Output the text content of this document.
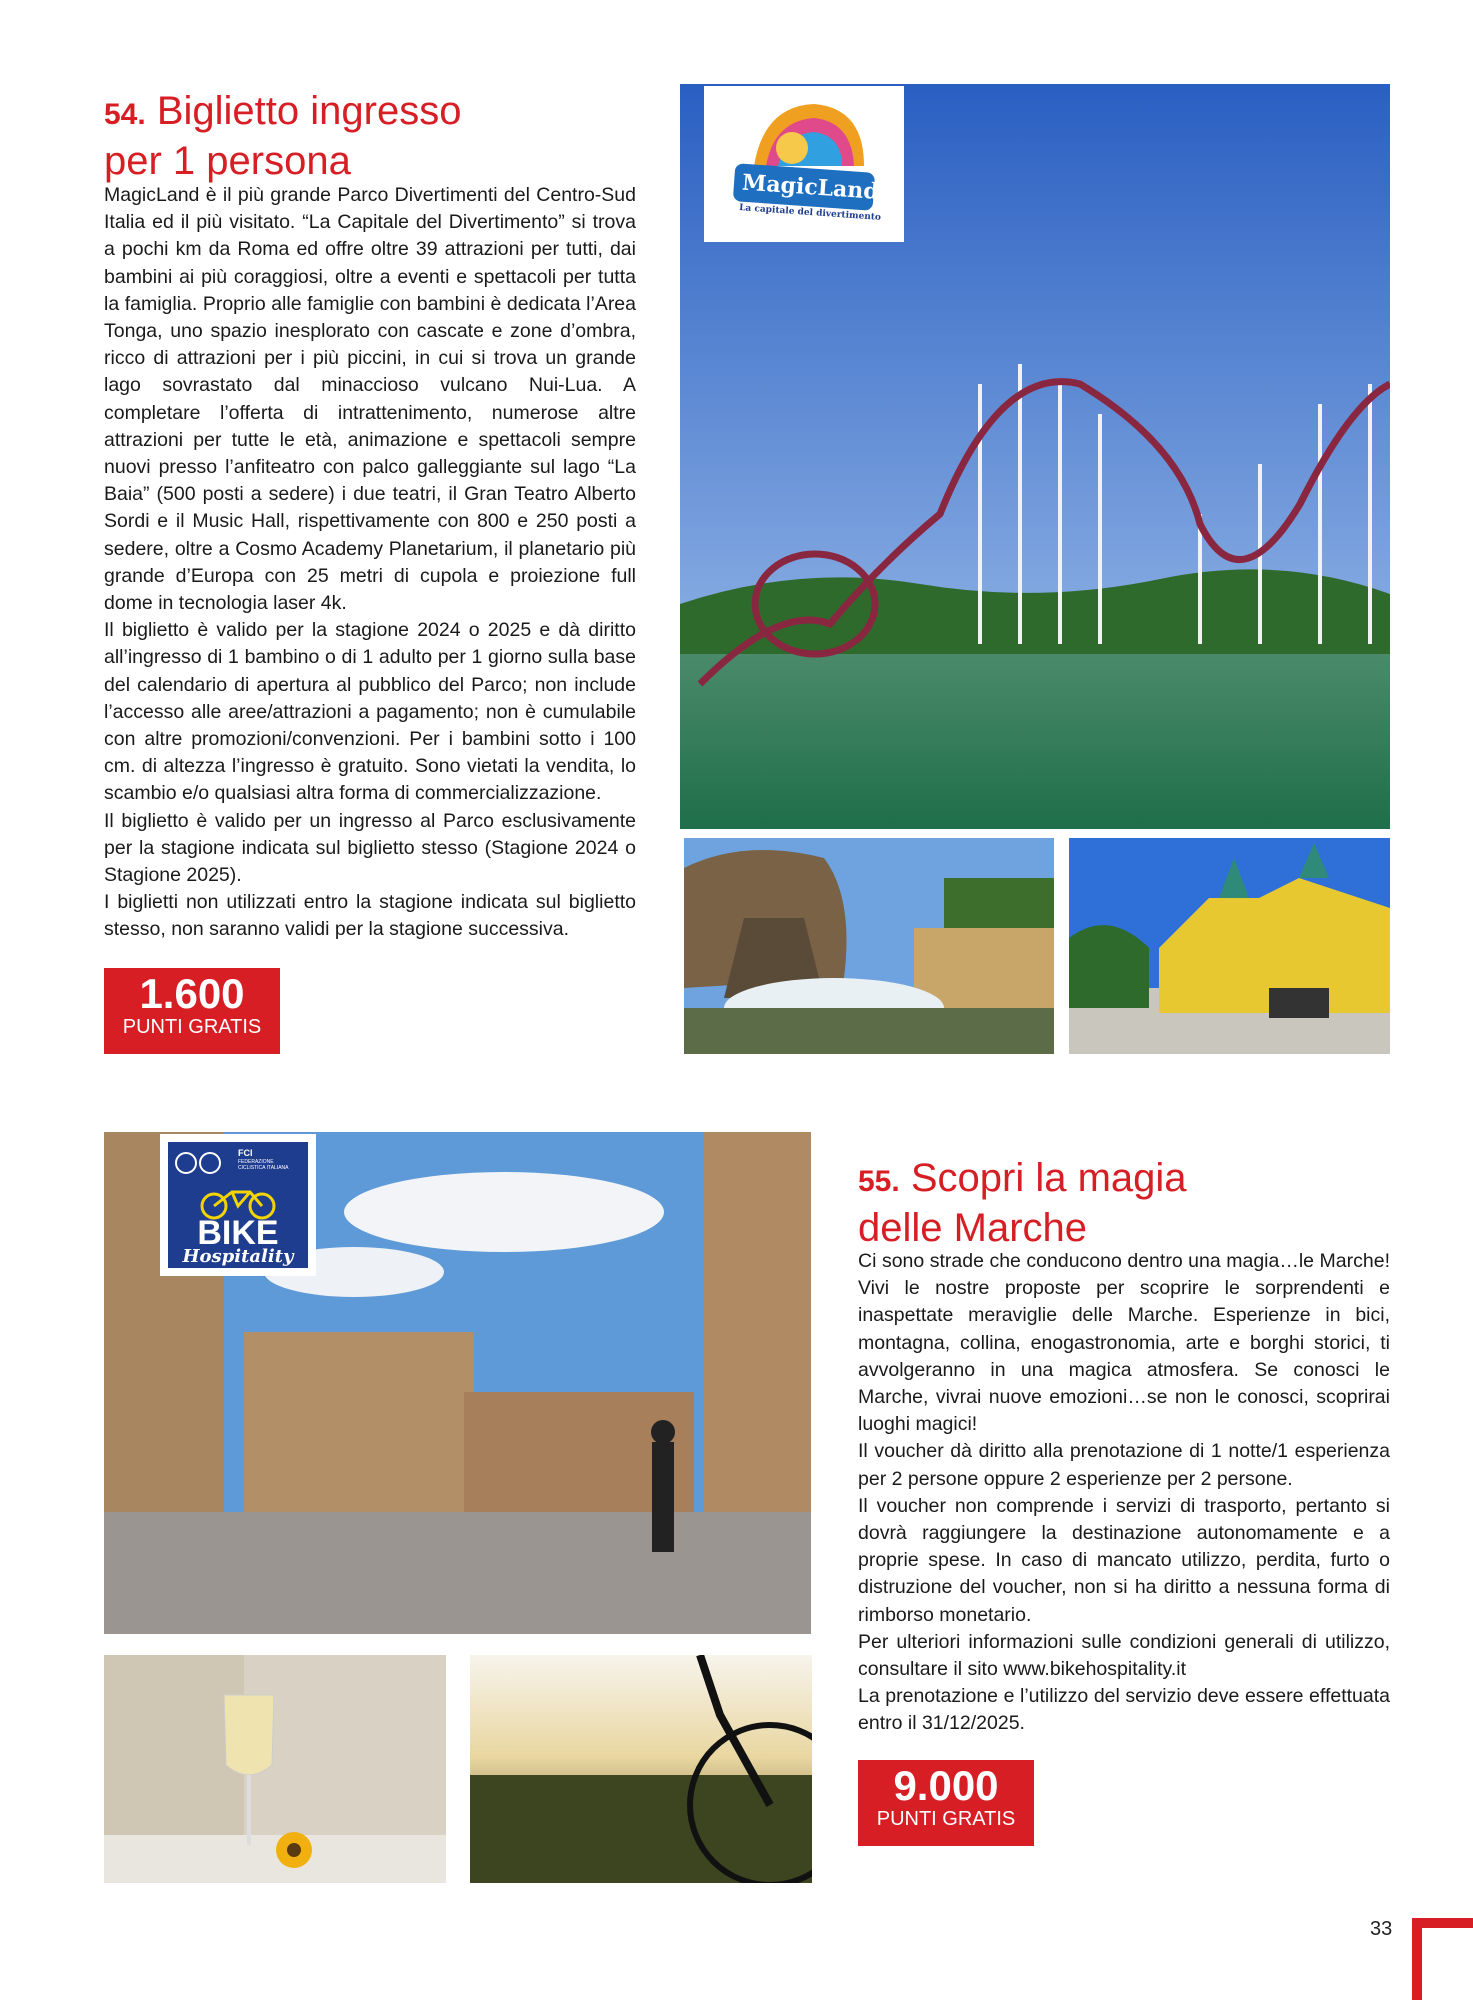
54. Biglietto ingresso
per 1 persona

MagicLand è il più grande Parco Divertimenti del Centro-Sud Italia ed il più visitato. “La Capitale del Divertimento” si trova a pochi km da Roma ed offre oltre 39 attrazioni per tutti, dai bambini ai più coraggiosi, oltre a eventi e spettacoli per tutta la famiglia. Proprio alle famiglie con bambini è dedicata l’Area Tonga, uno spazio inesplorato con cascate e zone d’ombra, ricco di attrazioni per i più piccini, in cui si trova un grande lago sovrastato dal minaccioso vulcano Nui-Lua. A completare l’offerta di intrattenimento, numerose altre attrazioni per tutte le età, animazione e spettacoli sempre nuovi presso l’anfiteatro con palco galleggiante sul lago “La Baia” (500 posti a sedere) i due teatri, il Gran Teatro Alberto Sordi e il Music Hall, rispettivamente con 800 e 250 posti a sedere, oltre a Cosmo Academy Planetarium, il planetario più grande d’Europa con 25 metri di cupola e proiezione full dome in tecnologia laser 4k.

Il biglietto è valido per la stagione 2024 o 2025 e dà diritto all’ingresso di 1 bambino o di 1 adulto per 1 giorno sulla base del calendario di apertura al pubblico del Parco; non include l’accesso alle aree/attrazioni a pagamento; non è cumulabile con altre promozioni/convenzioni. Per i bambini sotto i 100 cm. di altezza l’ingresso è gratuito. Sono vietati la vendita, lo scambio e/o qualsiasi altra forma di commercializzazione.

Il biglietto è valido per un ingresso al Parco esclusivamente per la stagione indicata sul biglietto stesso (Stagione 2024 o Stagione 2025).

I biglietti non utilizzati entro la stagione indicata sul biglietto stesso, non saranno validi per la stagione successiva.

1.600
PUNTI GRATIS
MagicLand
La capitale del divertimento
FCI
FEDERAZIONE CICLISTICA ITALIANA
BIKE
Hospitality
55. Scopri la magia
delle Marche

Ci sono strade che conducono dentro una magia…le Marche! Vivi le nostre proposte per scoprire le sorprendenti e inaspettate meraviglie delle Marche. Esperienze in bici, montagna, collina, enogastronomia, arte e borghi storici, ti avvolgeranno in una magica atmosfera. Se conosci le Marche, vivrai nuove emozioni…se non le conosci, scoprirai luoghi magici!

Il voucher dà diritto alla prenotazione di 1 notte/1 esperienza per 2 persone oppure 2 esperienze per 2 persone.

Il voucher non comprende i servizi di trasporto, pertanto si dovrà raggiungere la destinazione autonomamente e a proprie spese. In caso di mancato utilizzo, perdita, furto o distruzione del voucher, non si ha diritto a nessuna forma di rimborso monetario.

Per ulteriori informazioni sulle condizioni generali di utilizzo, consultare il sito www.bikehospitality.it

La prenotazione e l’utilizzo del servizio deve essere effettuata entro il 31/12/2025.

9.000
PUNTI GRATIS
33
